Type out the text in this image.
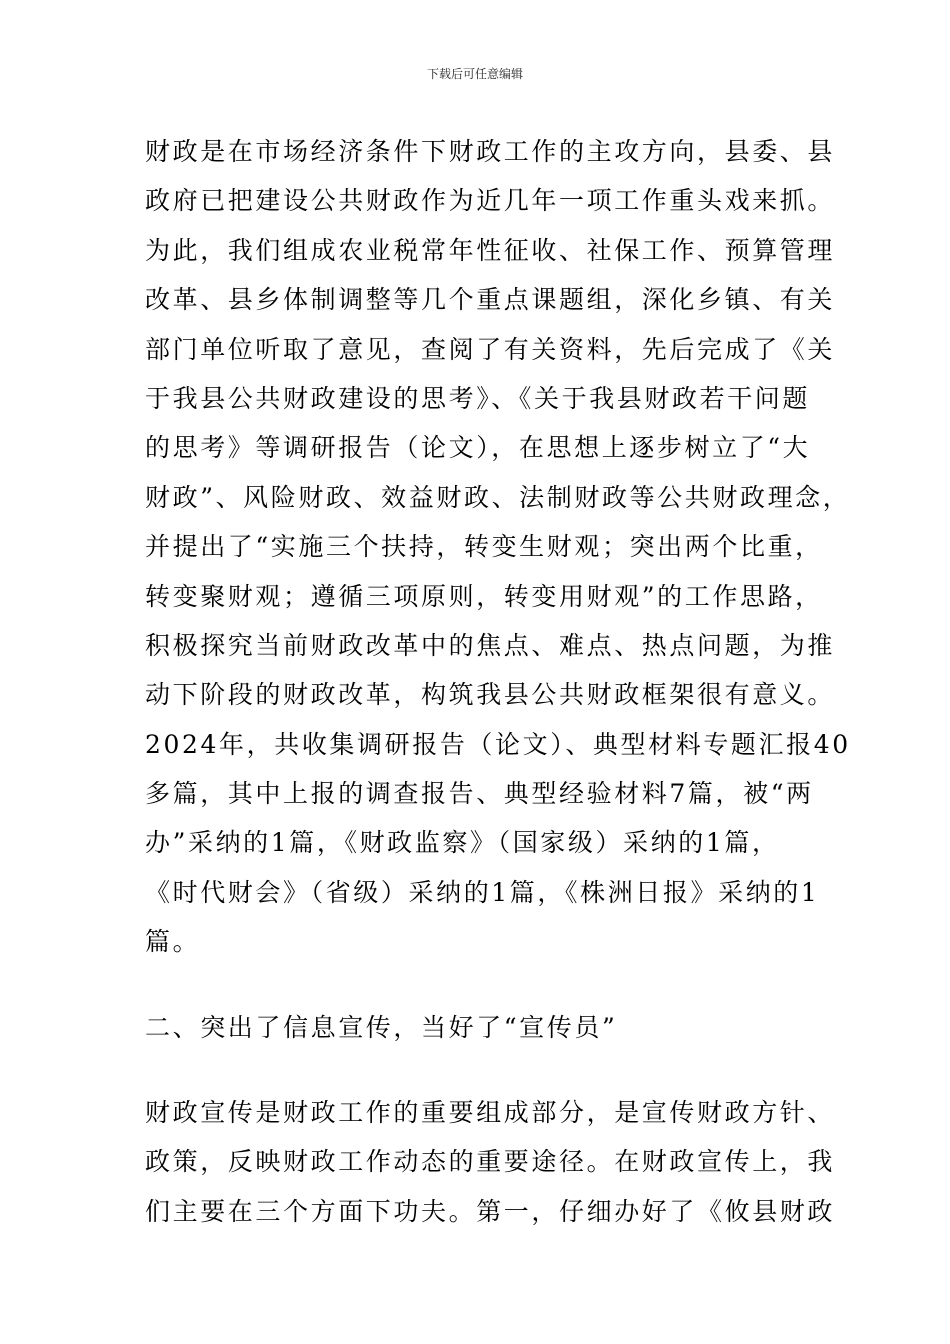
下载后可任意编辑
财政是在市场经济条件下财政工作的主攻方向，县委、县
政府已把建设公共财政作为近几年一项工作重头戏来抓。
为此，我们组成农业税常年性征收、社保工作、预算管理
改革、县乡体制调整等几个重点课题组，深化乡镇、有关
部门单位听取了意见，查阅了有关资料，先后完成了《关
于我县公共财政建设的思考》、《关于我县财政若干问题
的思考》等调研报告（论文），在思想上逐步树立了“大
财政”、风险财政、效益财政、法制财政等公共财政理念，
并提出了“实施三个扶持，转变生财观；突出两个比重，
转变聚财观；遵循三项原则，转变用财观”的工作思路，
积极探究当前财政改革中的焦点、难点、热点问题，为推
动下阶段的财政改革，构筑我县公共财政框架很有意义。
2024年，共收集调研报告（论文）、典型材料专题汇报40
多篇，其中上报的调查报告、典型经验材料7篇，被“两
办”采纳的1篇，《财政监察》（国家级）采纳的1篇，
《时代财会》（省级）采纳的1篇，《株洲日报》采纳的1
篇。
二、突出了信息宣传，当好了“宣传员”
财政宣传是财政工作的重要组成部分，是宣传财政方针、
政策，反映财政工作动态的重要途径。在财政宣传上，我
们主要在三个方面下功夫。第一，仔细办好了《攸县财政
